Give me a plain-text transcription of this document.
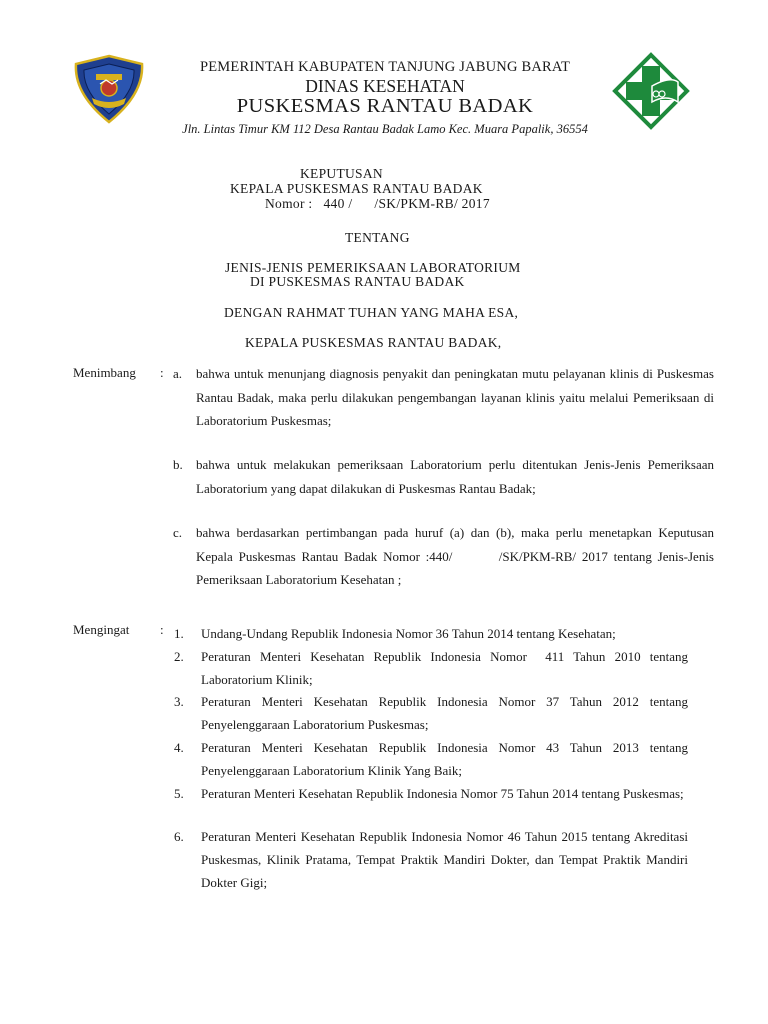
PEMERINTAH KABUPATEN TANJUNG JABUNG BARAT
DINAS KESEHATAN
PUSKESMAS RANTAU BADAK
Jln. Lintas Timur KM 112 Desa Rantau Badak Lamo Kec. Muara Papalik, 36554
KEPUTUSAN
KEPALA PUSKESMAS RANTAU BADAK
Nomor :   440 /      /SK/PKM-RB/ 2017
TENTANG
JENIS-JENIS PEMERIKSAAN LABORATORIUM
DI PUSKESMAS RANTAU BADAK
DENGAN RAHMAT TUHAN YANG MAHA ESA,
KEPALA PUSKESMAS RANTAU BADAK,
Menimbang : a. bahwa untuk menunjang diagnosis penyakit dan peningkatan mutu pelayanan klinis di Puskesmas Rantau Badak, maka perlu dilakukan pengembangan layanan klinis yaitu melalui Pemeriksaan di Laboratorium Puskesmas;
b. bahwa untuk melakukan pemeriksaan Laboratorium perlu ditentukan Jenis-Jenis Pemeriksaan Laboratorium yang dapat dilakukan di Puskesmas Rantau Badak;
c. bahwa berdasarkan pertimbangan pada huruf (a) dan (b), maka perlu menetapkan Keputusan Kepala Puskesmas Rantau Badak Nomor :440/        /SK/PKM-RB/ 2017 tentang Jenis-Jenis Pemeriksaan Laboratorium Kesehatan ;
Mengingat : 1. Undang-Undang Republik Indonesia Nomor 36 Tahun 2014 tentang Kesehatan;
2. Peraturan Menteri Kesehatan Republik Indonesia Nomor  411 Tahun 2010 tentang Laboratorium Klinik;
3. Peraturan Menteri Kesehatan Republik Indonesia Nomor 37 Tahun 2012 tentang Penyelenggaraan Laboratorium Puskesmas;
4. Peraturan Menteri Kesehatan Republik Indonesia Nomor 43 Tahun 2013 tentang Penyelenggaraan Laboratorium Klinik Yang Baik;
5. Peraturan Menteri Kesehatan Republik Indonesia Nomor 75 Tahun 2014 tentang Puskesmas;
6. Peraturan Menteri Kesehatan Republik Indonesia Nomor 46 Tahun 2015 tentang Akreditasi Puskesmas, Klinik Pratama, Tempat Praktik Mandiri Dokter, dan Tempat Praktik Mandiri Dokter Gigi;
